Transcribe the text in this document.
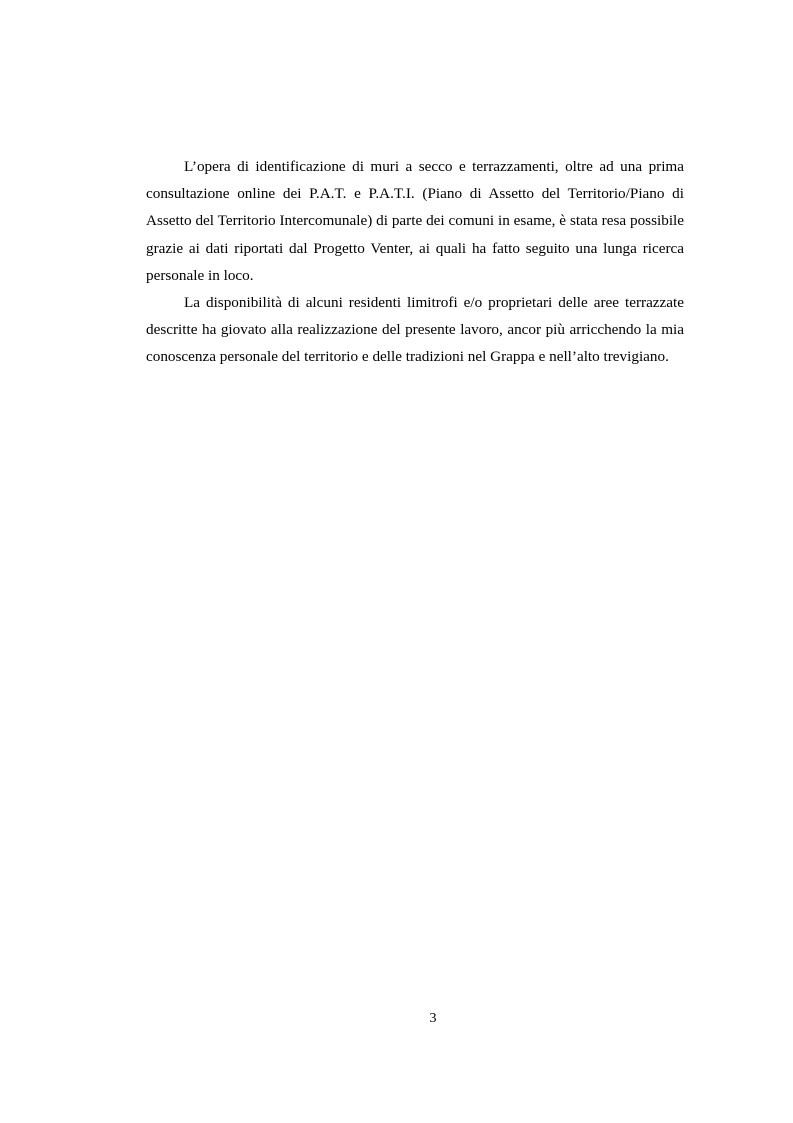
L’opera di identificazione di muri a secco e terrazzamenti, oltre ad una prima consultazione online dei P.A.T. e P.A.T.I. (Piano di Assetto del Territorio/Piano di Assetto del Territorio Intercomunale) di parte dei comuni in esame, è stata resa possibile grazie ai dati riportati dal Progetto Venter, ai quali ha fatto seguito una lunga ricerca personale in loco.

La disponibilità di alcuni residenti limitrofi e/o proprietari delle aree terrazzate descritte ha giovato alla realizzazione del presente lavoro, ancor più arricchendo la mia conoscenza personale del territorio e delle tradizioni nel Grappa e nell’alto trevigiano.

3
